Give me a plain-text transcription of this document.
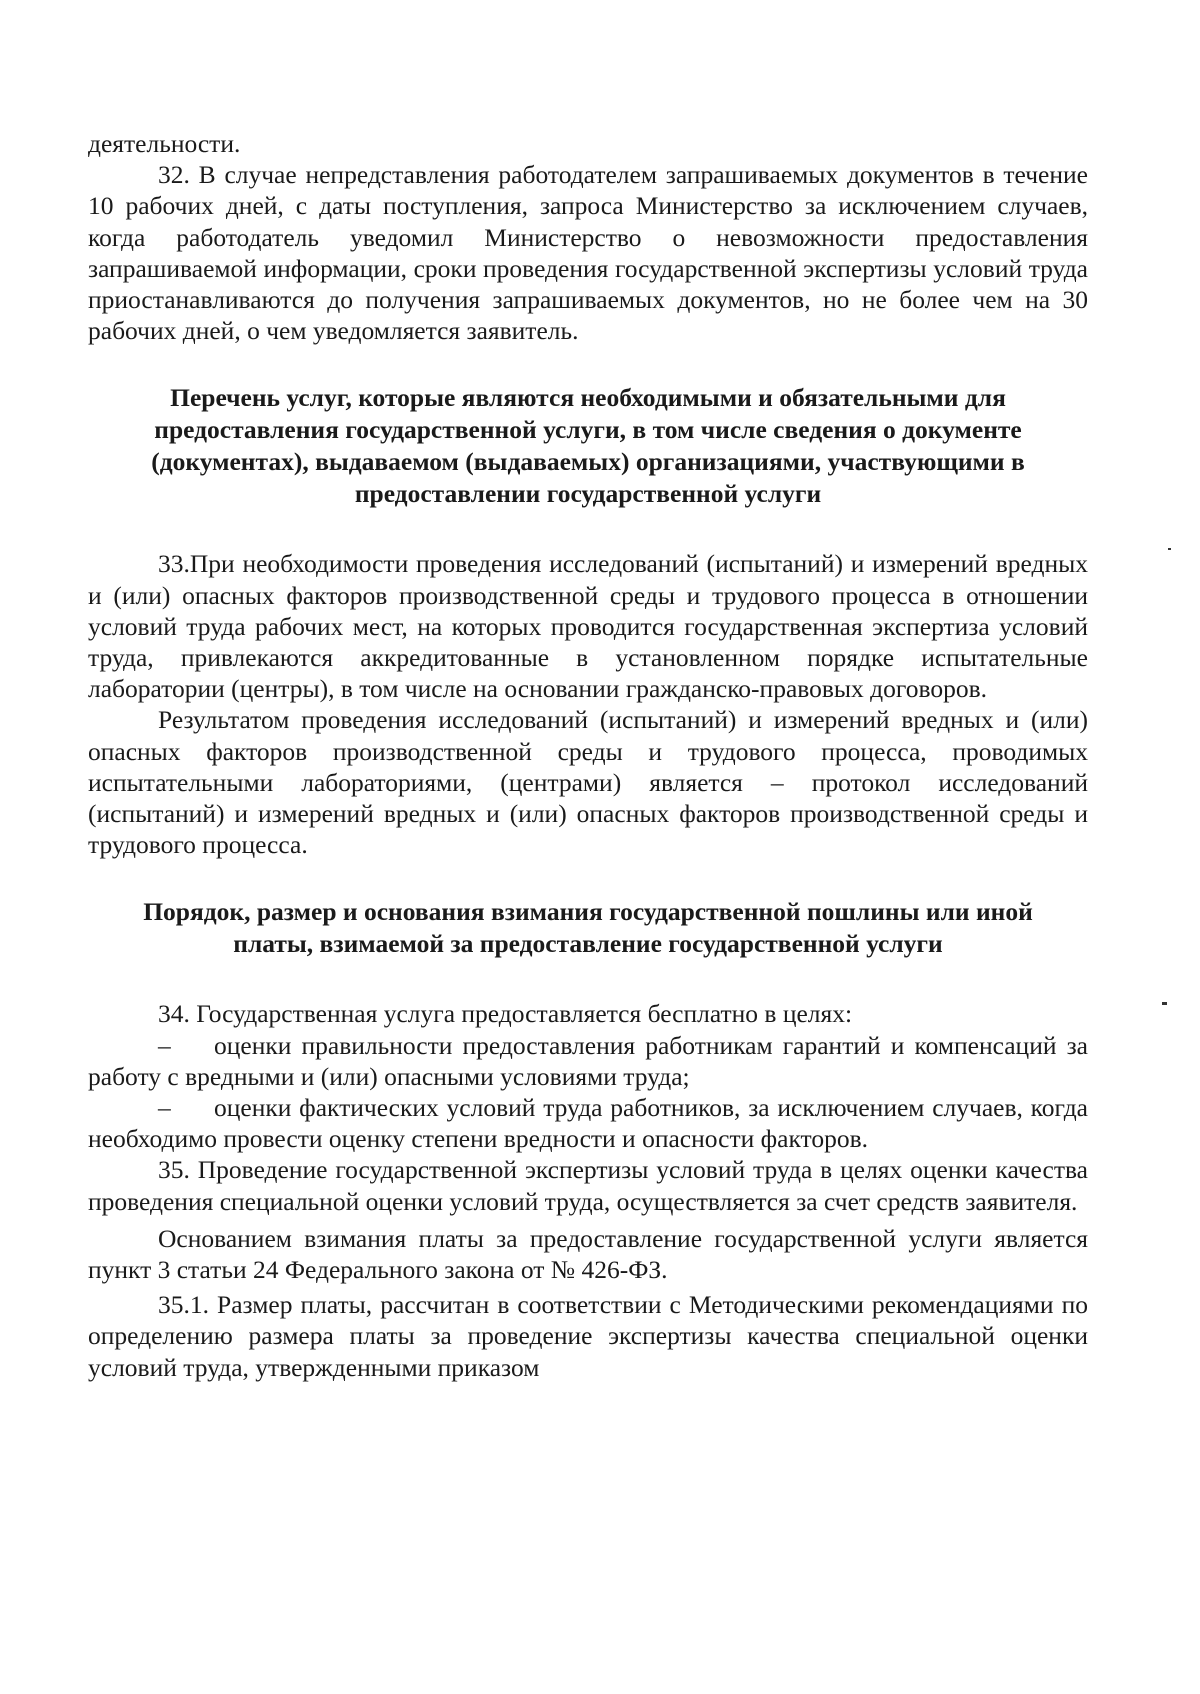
деятельности.

32. В случае непредставления работодателем запрашиваемых документов в течение 10 рабочих дней, с даты поступления, запроса Министерство за исключением случаев, когда работодатель уведомил Министерство о невозможности предоставления запрашиваемой информации, сроки проведения государственной экспертизы условий труда приостанавливаются до получения запрашиваемых документов, но не более чем на 30 рабочих дней, о чем уведомляется заявитель.

Перечень услуг, которые являются необходимыми и обязательными для предоставления государственной услуги, в том числе сведения о документе (документах), выдаваемом (выдаваемых) организациями, участвующими в предоставлении государственной услуги

33.При необходимости проведения исследований (испытаний) и измерений вредных и (или) опасных факторов производственной среды и трудового процесса в отношении условий труда рабочих мест, на которых проводится государственная экспертиза условий труда, привлекаются аккредитованные в установленном порядке испытательные лаборатории (центры), в том числе на основании гражданско-правовых договоров.

Результатом проведения исследований (испытаний) и измерений вредных и (или) опасных факторов производственной среды и трудового процесса, проводимых испытательными лабораториями, (центрами) является – протокол исследований (испытаний) и измерений вредных и (или) опасных факторов производственной среды и трудового процесса.

Порядок, размер и основания взимания государственной пошлины или иной платы, взимаемой за предоставление государственной услуги

34. Государственная услуга предоставляется бесплатно в целях:

– оценки правильности предоставления работникам гарантий и компенсаций за работу с вредными и (или) опасными условиями труда;

– оценки фактических условий труда работников, за исключением случаев, когда необходимо провести оценку степени вредности и опасности факторов.

35. Проведение государственной экспертизы условий труда в целях оценки качества проведения специальной оценки условий труда, осуществляется за счет средств заявителя.

Основанием взимания платы за предоставление государственной услуги является пункт 3 статьи 24 Федерального закона от № 426-ФЗ.

35.1. Размер платы, рассчитан в соответствии с Методическими рекомендациями по определению размера платы за проведение экспертизы качества специальной оценки условий труда, утвержденными приказом
